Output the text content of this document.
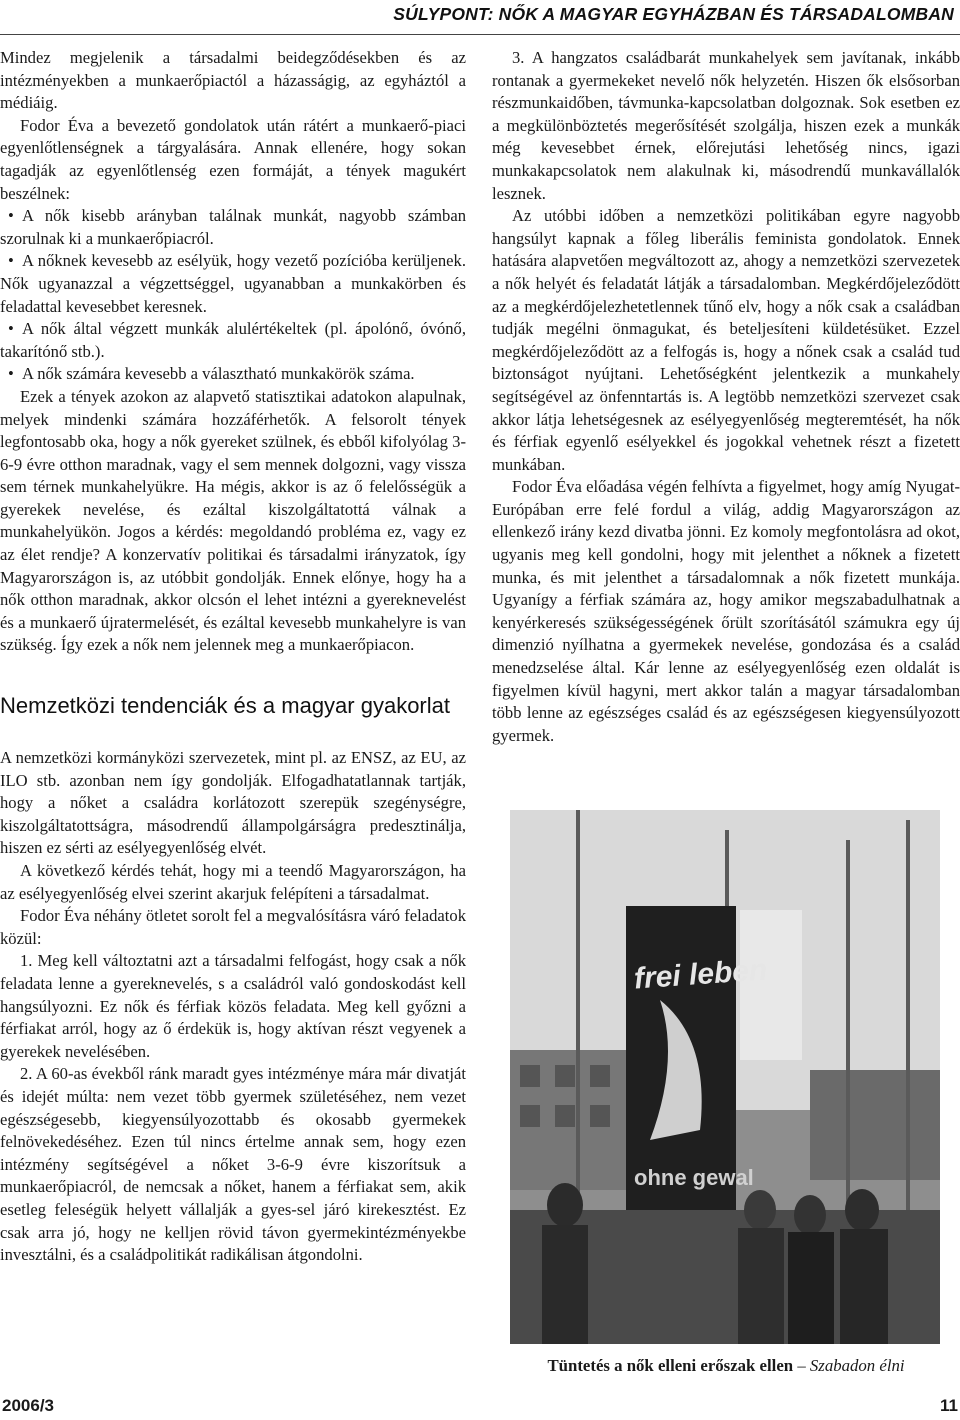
SÚLYPONT: NŐK A MAGYAR EGYHÁZBAN ÉS TÁRSADALOMBAN

Mindez megjelenik a társadalmi beidegződésekben és az intézményekben a munkaerőpiactól a házasságig, az egyháztól a médiáig.

Fodor Éva a bevezető gondolatok után rátért a munkaerő-piaci egyenlőtlenségnek a tárgyalására. Annak ellenére, hogy sokan tagadják az egyenlőtlenség ezen formáját, a tények magukért beszélnek:

• A nők kisebb arányban találnak munkát, nagyobb számban szorulnak ki a munkaerőpiacról.

• A nőknek kevesebb az esélyük, hogy vezető pozícióba kerüljenek. Nők ugyanazzal a végzettséggel, ugyanabban a munkakörben és feladattal kevesebbet keresnek.

• A nők által végzett munkák alulértékeltek (pl. ápolónő, óvónő, takarítónő stb.).

• A nők számára kevesebb a választható munkakörök száma.

Ezek a tények azokon az alapvető statisztikai adatokon alapulnak, melyek mindenki számára hozzáférhetők. A felsorolt tények legfontosabb oka, hogy a nők gyereket szülnek, és ebből kifolyólag 3-6-9 évre otthon maradnak, vagy el sem mennek dolgozni, vagy vissza sem térnek munkahelyükre. Ha mégis, akkor is az ő felelősségük a gyerekek nevelése, és ezáltal kiszolgáltatottá válnak a munkahelyükön. Jogos a kérdés: megoldandó probléma ez, vagy ez az élet rendje? A konzervatív politikai és társadalmi irányzatok, így Magyarországon is, az utóbbit gondolják. Ennek előnye, hogy ha a nők otthon maradnak, akkor olcsón el lehet intézni a gyereknevelést és a munkaerő újratermelését, és ezáltal kevesebb munkahelyre is van szükség. Így ezek a nők nem jelennek meg a munkaerőpiacon.

Nemzetközi tendenciák és a magyar gyakorlat

A nemzetközi kormányközi szervezetek, mint pl. az ENSZ, az EU, az ILO stb. azonban nem így gondolják. Elfogadhatatlannak tartják, hogy a nőket a családra korlátozott szerepük szegénységre, kiszolgáltatottságra, másodrendű állampolgárságra predesztinálja, hiszen ez sérti az esélyegyenlőség elvét.

A következő kérdés tehát, hogy mi a teendő Magyarországon, ha az esélyegyenlőség elvei szerint akarjuk felépíteni a társadalmat.

Fodor Éva néhány ötletet sorolt fel a megvalósításra váró feladatok közül:

1. Meg kell változtatni azt a társadalmi felfogást, hogy csak a nők feladata lenne a gyereknevelés, s a családról való gondoskodást kell hangsúlyozni. Ez nők és férfiak közös feladata. Meg kell győzni a férfiakat arról, hogy az ő érdekük is, hogy aktívan részt vegyenek a gyerekek nevelésében.

2. A 60-as évekből ránk maradt gyes intézménye mára már divatját és idejét múlta: nem vezet több gyermek születéséhez, nem vezet egészségesebb, kiegyensúlyozottabb és okosabb gyermekek felnövekedéséhez. Ezen túl nincs értelme annak sem, hogy ezen intézmény segítségével a nőket 3-6-9 évre kiszorítsuk a munkaerőpiacról, de nemcsak a nőket, hanem a férfiakat sem, akik esetleg feleségük helyett vállalják a gyes-sel járó kirekesztést. Ez csak arra jó, hogy ne kelljen rövid távon gyermekintézményekbe invesztálni, és a családpolitikát radikálisan átgondolni.

3. A hangzatos családbarát munkahelyek sem javítanak, inkább rontanak a gyermekeket nevelő nők helyzetén. Hiszen ők elsősorban részmunkaidőben, távmunka-kapcsolatban dolgoznak. Sok esetben ez a megkülönböztetés megerősítését szolgálja, hiszen ezek a munkák még kevesebbet érnek, előrejutási lehetőség nincs, igazi munkakapcsolatok nem alakulnak ki, másodrendű munkavállalók lesznek.

Az utóbbi időben a nemzetközi politikában egyre nagyobb hangsúlyt kapnak a főleg liberális feminista gondolatok. Ennek hatására alapvetően megváltozott az, ahogy a nemzetközi szervezetek a nők helyét és feladatát látják a társadalomban. Megkérdőjeleződött az a megkérdőjelezhetetlennek tűnő elv, hogy a nők csak a családban tudják megélni önmagukat, és beteljesíteni küldetésüket. Ezzel megkérdőjeleződött az a felfogás is, hogy a nőnek csak a család tud biztonságot nyújtani. Lehetőségként jelentkezik a munkahely segítségével az önfenntartás is. A legtöbb nemzetközi szervezet csak akkor látja lehetségesnek az esélyegyenlőség megteremtését, ha nők és férfiak egyenlő esélyekkel és jogokkal vehetnek részt a fizetett munkában.

Fodor Éva előadása végén felhívta a figyelmet, hogy amíg Nyugat-Európában erre felé fordul a világ, addig Magyarországon az ellenkező irány kezd divatba jönni. Ez komoly megfontolásra ad okot, ugyanis meg kell gondolni, hogy mit jelenthet a nőknek a fizetett munka, és mit jelenthet a társadalomnak a nők fizetett munkája. Ugyanígy a férfiak számára az, hogy amikor megszabadulhatnak a kenyérkeresés szükségességének őrült szorításától számukra egy új dimenzió nyílhatna a gyermekek nevelése, gondozása és a család menedzselése által. Kár lenne az esélyegyenlőség ezen oldalát is figyelmen kívül hagyni, mert akkor talán a magyar társadalomban több lenne az egészséges család és az egészségesen kiegyensúlyozott gyermek.

frei leben
ohne gewal
Tüntetés a nők elleni erőszak ellen – Szabadon élni
2006/3	11
